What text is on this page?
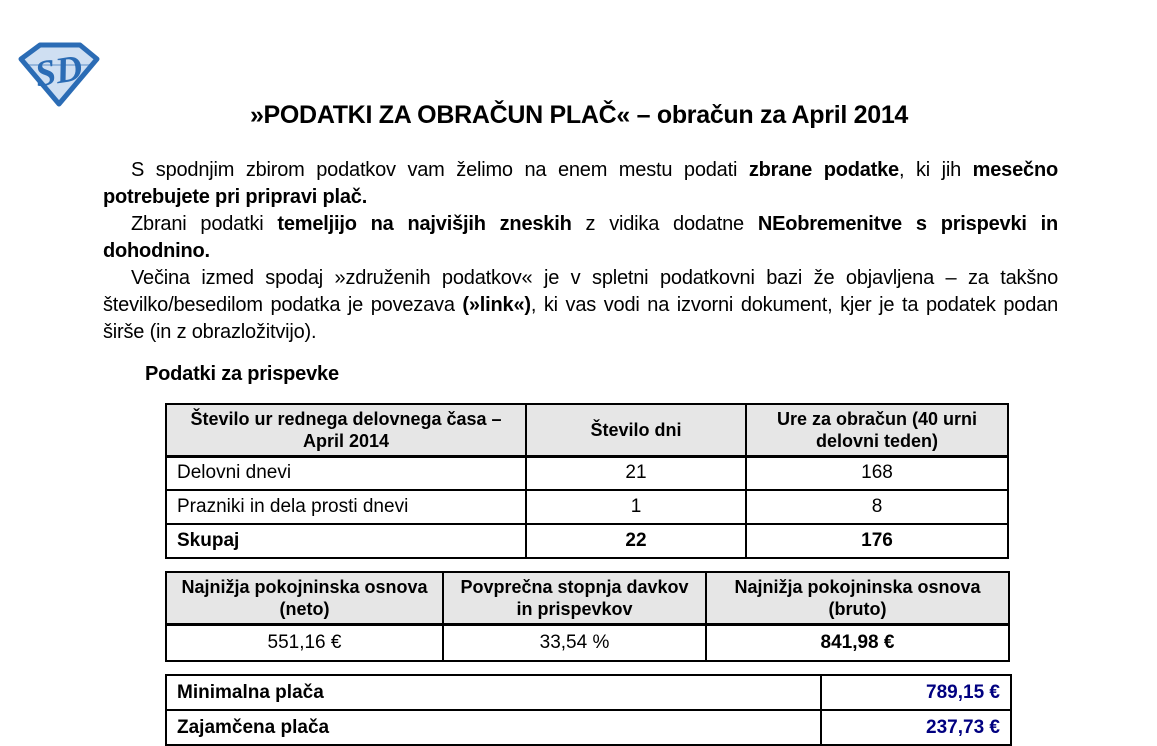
SD
»PODATKI ZA OBRAČUN PLAČ« – obračun za April 2014

S spodnjim zbirom podatkov vam želimo na enem mestu podati zbrane podatke, ki jih mesečno potrebujete pri pripravi plač.

Zbrani podatki temeljijo na najvišjih zneskih z vidika dodatne NEobremenitve s prispevki in dohodnino.

Večina izmed spodaj »združenih podatkov« je v spletni podatkovni bazi že objavljena – za takšno številko/besedilom podatka je povezava (»link«), ki vas vodi na izvorni dokument, kjer je ta podatek podan širše (in z obrazložitvijo).

Podatki za prispevke
Število ur rednega delovnega časa – April 2014	Število dni	Ure za obračun (40 urni delovni teden)
Delovni dnevi	21	168
Prazniki in dela prosti dnevi	1	8
Skupaj	22	176
Najnižja pokojninska osnova (neto)	Povprečna stopnja davkov in prispevkov	Najnižja pokojninska osnova (bruto)
551,16 €	33,54 %	841,98 €
Minimalna plača	789,15 €
Zajamčena plača	237,73 €
